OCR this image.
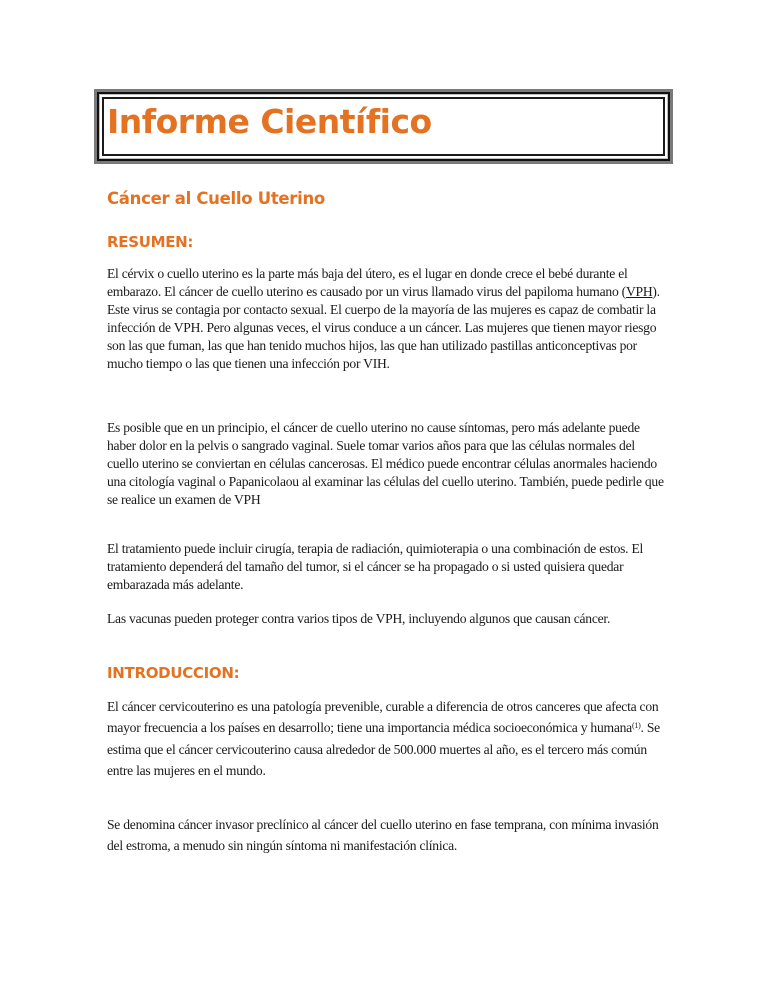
Informe Científico
Cáncer al Cuello Uterino
RESUMEN:

El cérvix o cuello uterino es la parte más baja del útero, es el lugar en donde crece el bebé durante el embarazo. El cáncer de cuello uterino es causado por un virus llamado virus del papiloma humano (VPH). Este virus se contagia por contacto sexual. El cuerpo de la mayoría de las mujeres es capaz de combatir la infección de VPH. Pero algunas veces, el virus conduce a un cáncer. Las mujeres que tienen mayor riesgo son las que fuman, las que han tenido muchos hijos, las que han utilizado pastillas anticonceptivas por mucho tiempo o las que tienen una infección por VIH.

Es posible que en un principio, el cáncer de cuello uterino no cause síntomas, pero más adelante puede haber dolor en la pelvis o sangrado vaginal. Suele tomar varios años para que las células normales del cuello uterino se conviertan en células cancerosas. El médico puede encontrar células anormales haciendo una citología vaginal o Papanicolaou al examinar las células del cuello uterino. También, puede pedirle que se realice un examen de VPH

El tratamiento puede incluir cirugía, terapia de radiación, quimioterapia o una combinación de estos. El tratamiento dependerá del tamaño del tumor, si el cáncer se ha propagado o si usted quisiera quedar embarazada más adelante.

Las vacunas pueden proteger contra varios tipos de VPH, incluyendo algunos que causan cáncer.

INTRODUCCION:

El cáncer cervicouterino es una patología prevenible, curable a diferencia de otros canceres que afecta con mayor frecuencia a los países en desarrollo; tiene una importancia médica socioeconómica y humana$^{(1)}$. Se estima que el cáncer cervicouterino causa alrededor de 500.000 muertes al año, es el tercero más común entre las mujeres en el mundo.

Se denomina cáncer invasor preclínico al cáncer del cuello uterino en fase temprana, con mínima invasión del estroma, a menudo sin ningún síntoma ni manifestación clínica.
